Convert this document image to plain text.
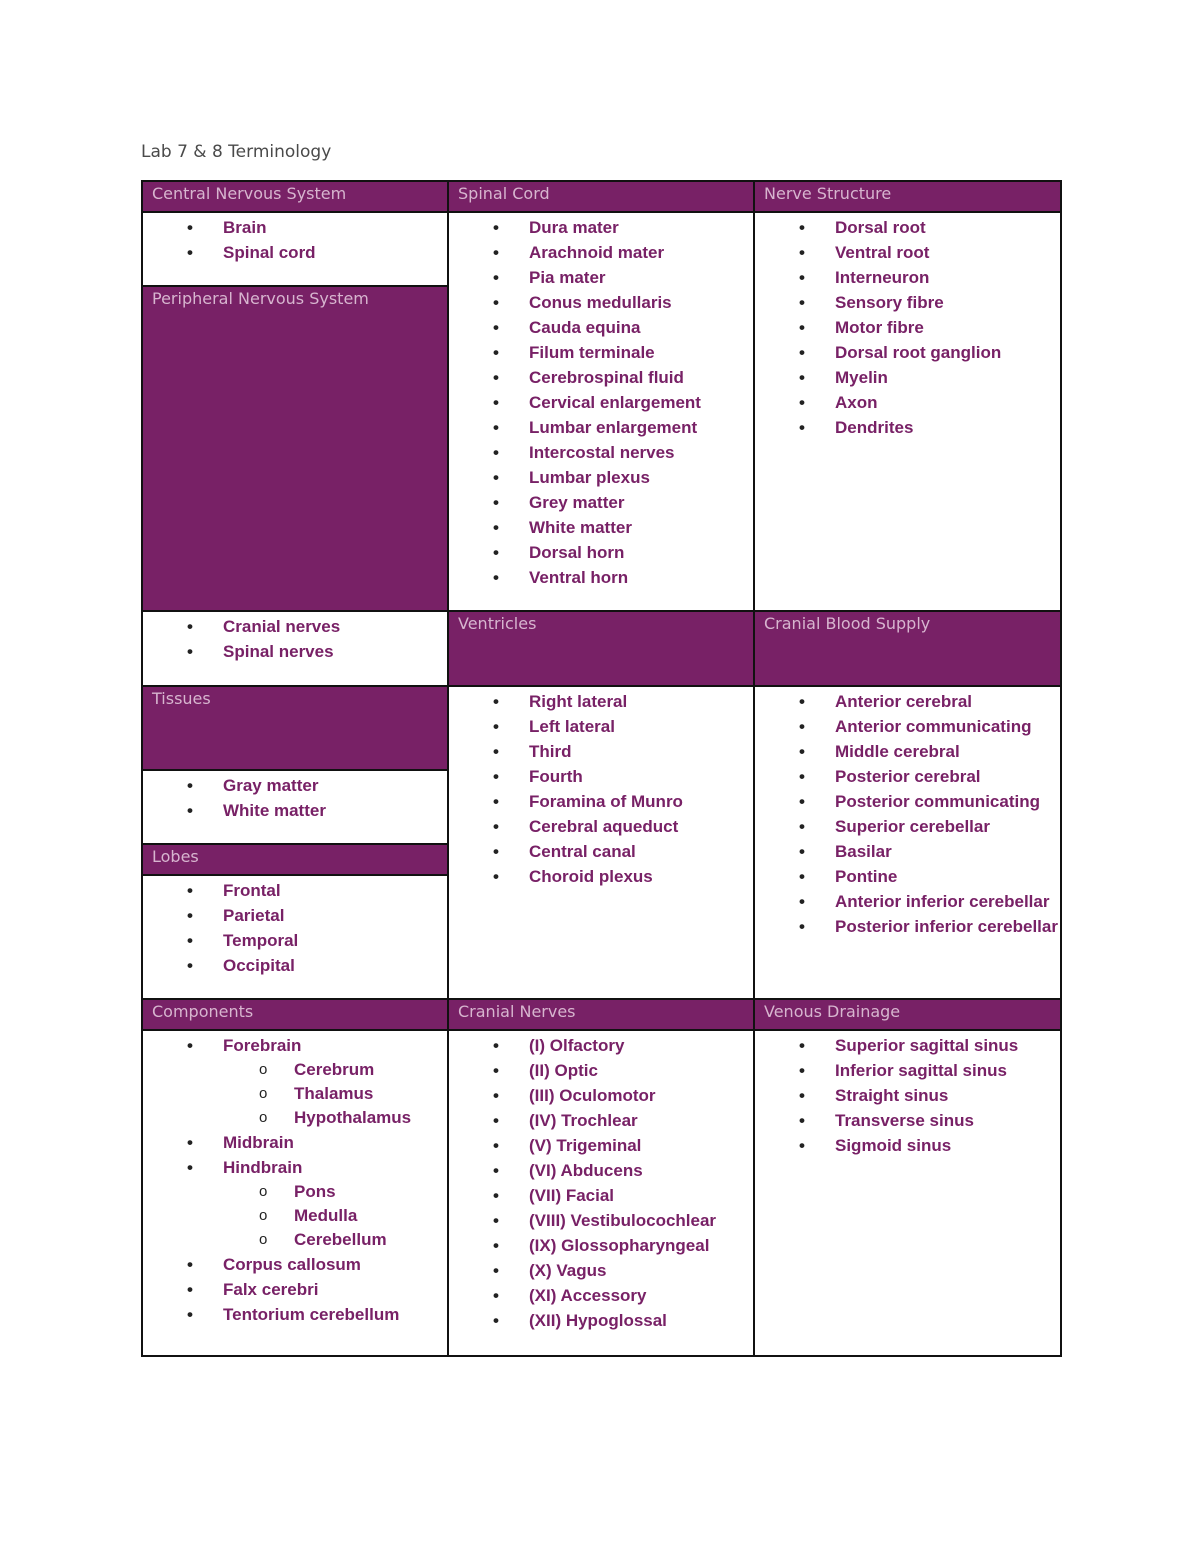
Lab 7 & 8 Terminology
Central Nervous System
• Brain
• Spinal cord
Peripheral Nervous System
• Cranial nerves
• Spinal nerves
Tissues
• Gray matter
• White matter
Lobes
• Frontal
• Parietal
• Temporal
• Occipital
Components
• Forebrain
o Cerebrum
o Thalamus
o Hypothalamus
• Midbrain
• Hindbrain
o Pons
o Medulla
o Cerebellum
• Corpus callosum
• Falx cerebri
• Tentorium cerebellum
Spinal Cord
• Dura mater
• Arachnoid mater
• Pia mater
• Conus medullaris
• Cauda equina
• Filum terminale
• Cerebrospinal fluid
• Cervical enlargement
• Lumbar enlargement
• Intercostal nerves
• Lumbar plexus
• Grey matter
• White matter
• Dorsal horn
• Ventral horn
Ventricles
• Right lateral
• Left lateral
• Third
• Fourth
• Foramina of Munro
• Cerebral aqueduct
• Central canal
• Choroid plexus
Cranial Nerves
• (I) Olfactory
• (II) Optic
• (III) Oculomotor
• (IV) Trochlear
• (V) Trigeminal
• (VI) Abducens
• (VII) Facial
• (VIII) Vestibulocochlear
• (IX) Glossopharyngeal
• (X) Vagus
• (XI) Accessory
• (XII) Hypoglossal
Nerve Structure
• Dorsal root
• Ventral root
• Interneuron
• Sensory fibre
• Motor fibre
• Dorsal root ganglion
• Myelin
• Axon
• Dendrites
Cranial Blood Supply
• Anterior cerebral
• Anterior communicating
• Middle cerebral
• Posterior cerebral
• Posterior communicating
• Superior cerebellar
• Basilar
• Pontine
• Anterior inferior cerebellar
• Posterior inferior cerebellar
Venous Drainage
• Superior sagittal sinus
• Inferior sagittal sinus
• Straight sinus
• Transverse sinus
• Sigmoid sinus
